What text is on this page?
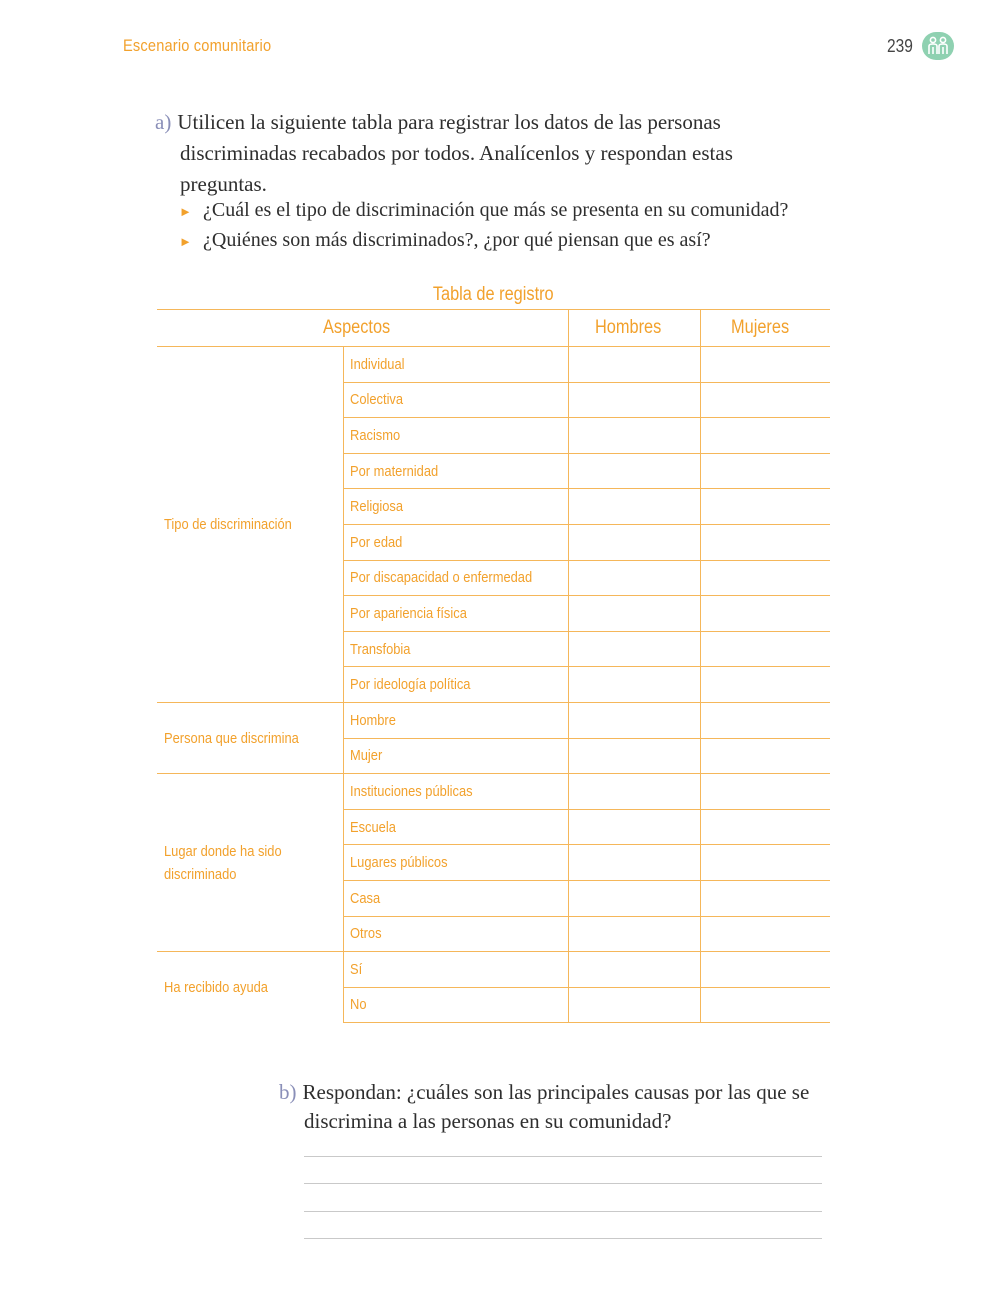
Escenario comunitario	239
a) Utilicen la siguiente tabla para registrar los datos de las personas
discriminadas recabados por todos. Analícenlos y respondan estas
preguntas.
► ¿Cuál es el tipo de discriminación que más se presenta en su comunidad?
► ¿Quiénes son más discriminados?, ¿por qué piensan que es así?
Tabla de registro
Aspectos		Hombres	Mujeres

Tipo de discriminación	Individual		
	Colectiva		
	Racismo		
	Por maternidad		
	Religiosa		
	Por edad		
	Por discapacidad o enfermedad		
	Por apariencia física		
	Transfobia		
	Por ideología política		

Persona que discrimina	Hombre		
	Mujer		

Lugar donde ha sido
discriminado	Instituciones públicas		
	Escuela		
	Lugares públicos		
	Casa		
	Otros		

Ha recibido ayuda	Sí		
	No		
b) Respondan: ¿cuáles son las principales causas por las que se
discrimina a las personas en su comunidad?
